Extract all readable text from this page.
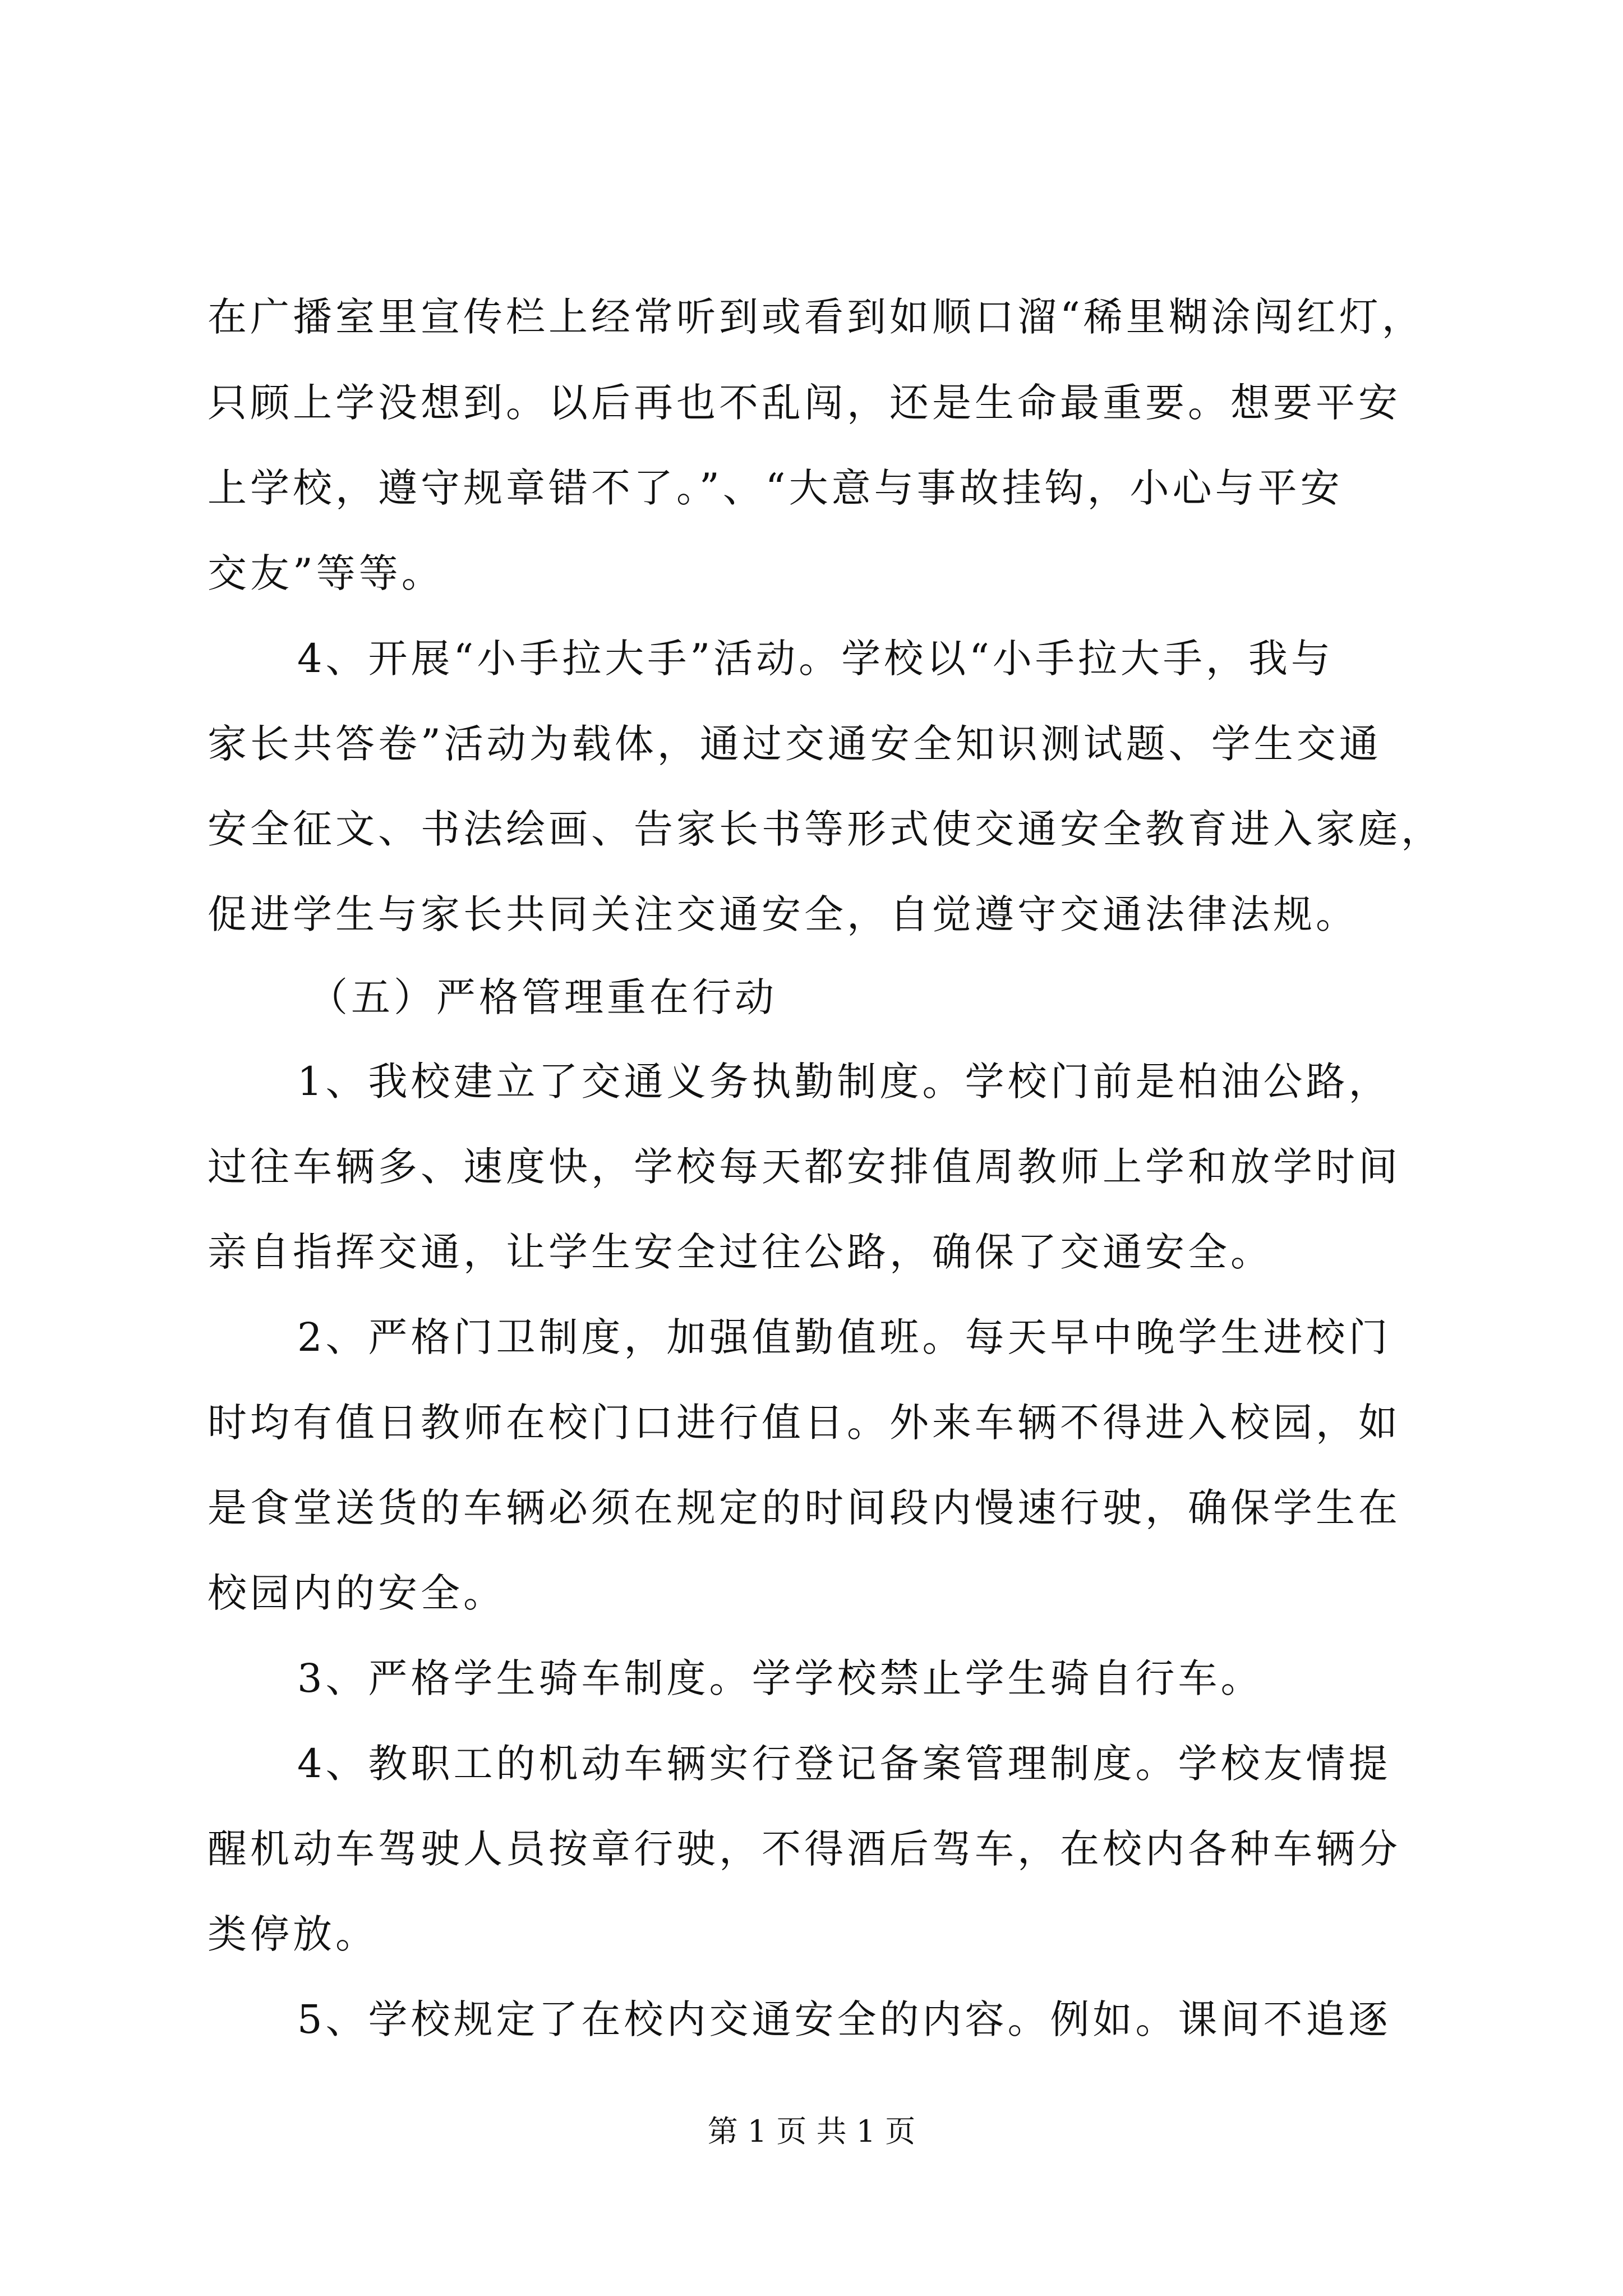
在广播室里宣传栏上经常听到或看到如顺口溜“稀里糊涂闯红灯，
只顾上学没想到。以后再也不乱闯，还是生命最重要。想要平安
上学校，遵守规章错不了。”、“大意与事故挂钩，小心与平安
交友”等等。
4、开展“小手拉大手”活动。学校以“小手拉大手，我与
家长共答卷”活动为载体，通过交通安全知识测试题、学生交通
安全征文、书法绘画、告家长书等形式使交通安全教育进入家庭，
促进学生与家长共同关注交通安全，自觉遵守交通法律法规。
（五）严格管理重在行动
1、我校建立了交通义务执勤制度。学校门前是柏油公路，
过往车辆多、速度快，学校每天都安排值周教师上学和放学时间
亲自指挥交通，让学生安全过往公路，确保了交通安全。
2、严格门卫制度，加强值勤值班。每天早中晚学生进校门
时均有值日教师在校门口进行值日。外来车辆不得进入校园，如
是食堂送货的车辆必须在规定的时间段内慢速行驶，确保学生在
校园内的安全。
3、严格学生骑车制度。学学校禁止学生骑自行车。
4、教职工的机动车辆实行登记备案管理制度。学校友情提
醒机动车驾驶人员按章行驶，不得酒后驾车，在校内各种车辆分
类停放。
5、学校规定了在校内交通安全的内容。例如。课间不追逐
第 1 页 共 1 页
